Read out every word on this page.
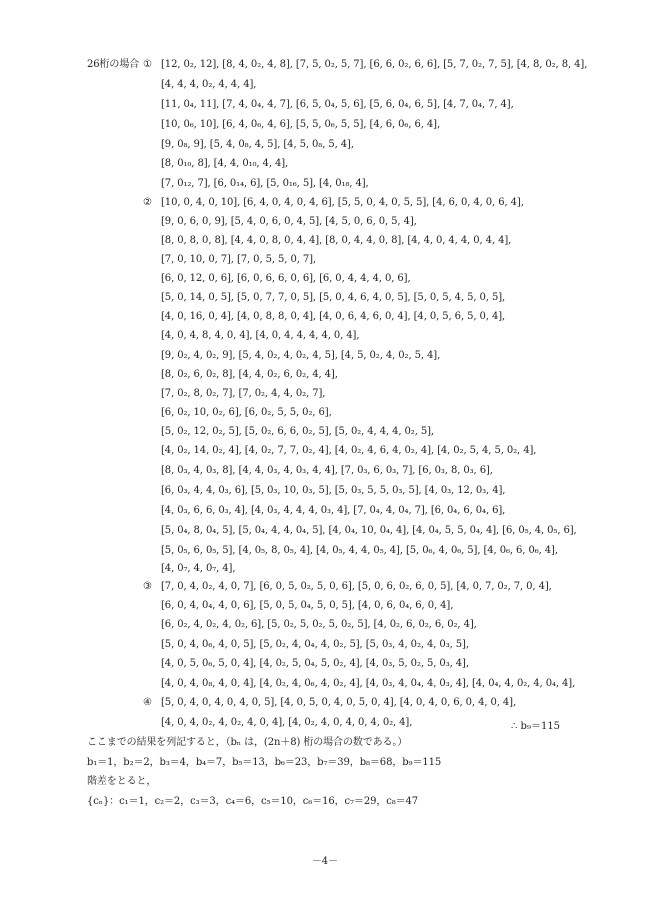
26桁の場合 ①
②
③
④
[12, 0₂, 12], [8, 4, 0₂, 4, 8], [7, 5, 0₂, 5, 7], [6, 6, 0₂, 6, 6], [5, 7, 0₂, 7, 5], [4, 8, 0₂, 8, 4],
[4, 4, 4, 0₂, 4, 4, 4],
[11, 0₄, 11], [7, 4, 0₄, 4, 7], [6, 5, 0₄, 5, 6], [5, 6, 0₄, 6, 5], [4, 7, 0₄, 7, 4],
[10, 0₆, 10], [6, 4, 0₆, 4, 6], [5, 5, 0₆, 5, 5], [4, 6, 0₆, 6, 4],
[9, 0₈, 9], [5, 4, 0₈, 4, 5], [4, 5, 0₈, 5, 4],
[8, 0₁₀, 8], [4, 4, 0₁₀, 4, 4],
[7, 0₁₂, 7], [6, 0₁₄, 6], [5, 0₁₆, 5], [4, 0₁₈, 4],
[10, 0, 4, 0, 10], [6, 4, 0, 4, 0, 4, 6], [5, 5, 0, 4, 0, 5, 5], [4, 6, 0, 4, 0, 6, 4],
[9, 0, 6, 0, 9], [5, 4, 0, 6, 0, 4, 5], [4, 5, 0, 6, 0, 5, 4],
[8, 0, 8, 0, 8], [4, 4, 0, 8, 0, 4, 4], [8, 0, 4, 4, 0, 8], [4, 4, 0, 4, 4, 0, 4, 4],
[7, 0, 10, 0, 7], [7, 0, 5, 5, 0, 7],
[6, 0, 12, 0, 6], [6, 0, 6, 6, 0, 6], [6, 0, 4, 4, 4, 0, 6],
[5, 0, 14, 0, 5], [5, 0, 7, 7, 0, 5], [5, 0, 4, 6, 4, 0, 5], [5, 0, 5, 4, 5, 0, 5],
[4, 0, 16, 0, 4], [4, 0, 8, 8, 0, 4], [4, 0, 6, 4, 6, 0, 4], [4, 0, 5, 6, 5, 0, 4],
[4, 0, 4, 8, 4, 0, 4], [4, 0, 4, 4, 4, 4, 0, 4],
[9, 0₂, 4, 0₂, 9], [5, 4, 0₂, 4, 0₂, 4, 5], [4, 5, 0₂, 4, 0₂, 5, 4],
[8, 0₂, 6, 0₂, 8], [4, 4, 0₂, 6, 0₂, 4, 4],
[7, 0₂, 8, 0₂, 7], [7, 0₂, 4, 4, 0₂, 7],
[6, 0₂, 10, 0₂, 6], [6, 0₂, 5, 5, 0₂, 6],
[5, 0₂, 12, 0₂, 5], [5, 0₂, 6, 6, 0₂, 5], [5, 0₂, 4, 4, 4, 0₂, 5],
[4, 0₂, 14, 0₂, 4], [4, 0₂, 7, 7, 0₂, 4], [4, 0₂, 4, 6, 4, 0₂, 4], [4, 0₂, 5, 4, 5, 0₂, 4],
[8, 0₃, 4, 0₃, 8], [4, 4, 0₃, 4, 0₃, 4, 4], [7, 0₃, 6, 0₃, 7], [6, 0₃, 8, 0₃, 6],
[6, 0₃, 4, 4, 0₃, 6], [5, 0₃, 10, 0₃, 5], [5, 0₃, 5, 5, 0₃, 5], [4, 0₃, 12, 0₃, 4],
[4, 0₃, 6, 6, 0₃, 4], [4, 0₃, 4, 4, 4, 0₃, 4], [7, 0₄, 4, 0₄, 7], [6, 0₄, 6, 0₄, 6],
[5, 0₄, 8, 0₄, 5], [5, 0₄, 4, 4, 0₄, 5], [4, 0₄, 10, 0₄, 4], [4, 0₄, 5, 5, 0₄, 4], [6, 0₅, 4, 0₅, 6],
[5, 0₅, 6, 0₅, 5], [4, 0₅, 8, 0₅, 4], [4, 0₅, 4, 4, 0₅, 4], [5, 0₆, 4, 0₆, 5], [4, 0₆, 6, 0₆, 4],
[4, 0₇, 4, 0₇, 4],
[7, 0, 4, 0₂, 4, 0, 7], [6, 0, 5, 0₂, 5, 0, 6], [5, 0, 6, 0₂, 6, 0, 5], [4, 0, 7, 0₂, 7, 0, 4],
[6, 0, 4, 0₄, 4, 0, 6], [5, 0, 5, 0₄, 5, 0, 5], [4, 0, 6, 0₄, 6, 0, 4],
[6, 0₂, 4, 0₂, 4, 0₂, 6], [5, 0₂, 5, 0₂, 5, 0₂, 5], [4, 0₂, 6, 0₂, 6, 0₂, 4],
[5, 0, 4, 0₆, 4, 0, 5], [5, 0₂, 4, 0₄, 4, 0₂, 5], [5, 0₃, 4, 0₂, 4, 0₃, 5],
[4, 0, 5, 0₆, 5, 0, 4], [4, 0₂, 5, 0₄, 5, 0₂, 4], [4, 0₃, 5, 0₂, 5, 0₃, 4],
[4, 0, 4, 0₈, 4, 0, 4], [4, 0₂, 4, 0₆, 4, 0₂, 4], [4, 0₃, 4, 0₄, 4, 0₃, 4], [4, 0₄, 4, 0₂, 4, 0₄, 4],
[5, 0, 4, 0, 4, 0, 4, 0, 5], [4, 0, 5, 0, 4, 0, 5, 0, 4], [4, 0, 4, 0, 6, 0, 4, 0, 4],
[4, 0, 4, 0₂, 4, 0₂, 4, 0, 4], [4, 0₂, 4, 0, 4, 0, 4, 0₂, 4],	∴ b₉＝115
ここまでの結果を列記すると，（bₙ は，(2n＋8) 桁の場合の数である。）
b₁＝1，b₂＝2，b₃＝4，b₄＝7，b₅＝13，b₆＝23，b₇＝39，b₈＝68，b₉＝115
階差をとると，
{cₙ}：c₁＝1，c₂＝2，c₃＝3，c₄＝6，c₅＝10，c₆＝16，c₇＝29，c₈＝47
－4－
